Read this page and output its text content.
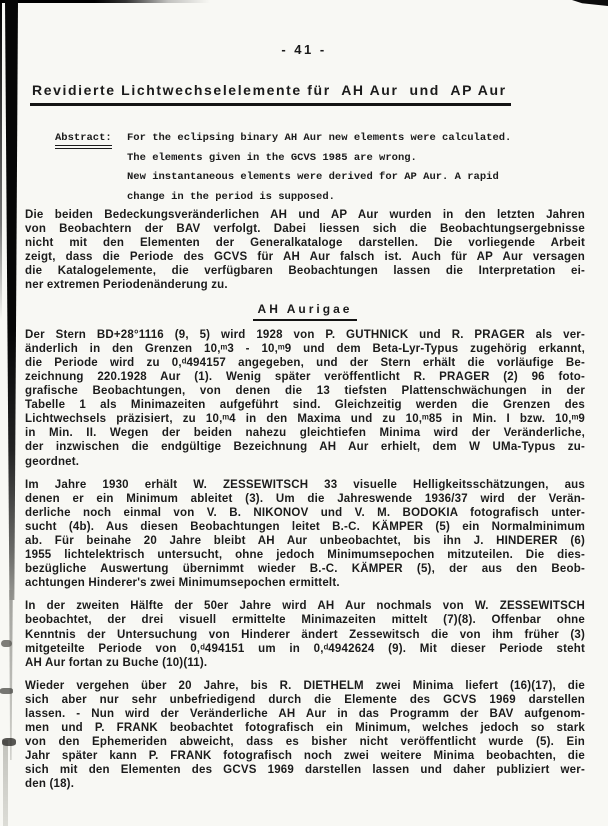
- 41 -
Revidierte Lichtwechselelemente für  AH Aur  und  AP Aur
Abstract:	For the eclipsing binary AH Aur new elements were calculated.
The elements given in the GCVS 1985 are wrong.
New instantaneous elements were derived for AP Aur. A rapid
change in the period is supposed.
Die beiden Bedeckungsveränderlichen AH und AP Aur wurden in den letzten Jahren
von Beobachtern der BAV verfolgt. Dabei liessen sich die Beobachtungsergebnisse
nicht mit den Elementen der Generalkataloge darstellen. Die vorliegende Arbeit
zeigt, dass die Periode des GCVS für AH Aur falsch ist. Auch für AP Aur versagen
die Katalogelemente, die verfügbaren Beobachtungen lassen die Interpretation ei-
ner extremen Periodenänderung zu.
AH Aurigae
Der Stern BD+28°1116 (9, 5) wird 1928 von P. GUTHNICK und R. PRAGER als ver-
änderlich in den Grenzen 10,ᵐ3 - 10,ᵐ9 und dem Beta-Lyr-Typus zugehörig erkannt,
die Periode wird zu 0,ᵈ494157 angegeben, und der Stern erhält die vorläufige Be-
zeichnung 220.1928 Aur (1). Wenig später veröffentlicht R. PRAGER (2) 96 foto-
grafische Beobachtungen, von denen die 13 tiefsten Plattenschwächungen in der
Tabelle 1 als Minimazeiten aufgeführt sind. Gleichzeitig werden die Grenzen des
Lichtwechsels präzisiert, zu 10,ᵐ4 in den Maxima und zu 10,ᵐ85 in Min. I bzw. 10,ᵐ9
in Min. II. Wegen der beiden nahezu gleichtiefen Minima wird der Veränderliche,
der inzwischen die endgültige Bezeichnung AH Aur erhielt, dem W UMa-Typus zu-
geordnet.
Im Jahre 1930 erhält W. ZESSEWITSCH 33 visuelle Helligkeitsschätzungen, aus
denen er ein Minimum ableitet (3). Um die Jahreswende 1936/37 wird der Verän-
derliche noch einmal von V. B. NIKONOV und V. M. BODOKIA fotografisch unter-
sucht (4b). Aus diesen Beobachtungen leitet B.-C. KÄMPER (5) ein Normalminimum
ab. Für beinahe 20 Jahre bleibt AH Aur unbeobachtet, bis ihn J. HINDERER (6)
1955 lichtelektrisch untersucht, ohne jedoch Minimumsepochen mitzuteilen. Die dies-
bezügliche Auswertung übernimmt wieder B.-C. KÄMPER (5), der aus den Beob-
achtungen Hinderer's zwei Minimumsepochen ermittelt.
In der zweiten Hälfte der 50er Jahre wird AH Aur nochmals von W. ZESSEWITSCH
beobachtet, der drei visuell ermittelte Minimazeiten mittelt (7)(8). Offenbar ohne
Kenntnis der Untersuchung von Hinderer ändert Zessewitsch die von ihm früher (3)
mitgeteilte Periode von 0,ᵈ494151 um in 0,ᵈ4942624 (9). Mit dieser Periode steht
AH Aur fortan zu Buche (10)(11).
Wieder vergehen über 20 Jahre, bis R. DIETHELM zwei Minima liefert (16)(17), die
sich aber nur sehr unbefriedigend durch die Elemente des GCVS 1969 darstellen
lassen. - Nun wird der Veränderliche AH Aur in das Programm der BAV aufgenom-
men und P. FRANK beobachtet fotografisch ein Minimum, welches jedoch so stark
von den Ephemeriden abweicht, dass es bisher nicht veröffentlicht wurde (5). Ein
Jahr später kann P. FRANK fotografisch noch zwei weitere Minima beobachten, die
sich mit den Elementen des GCVS 1969 darstellen lassen und daher publiziert wer-
den (18).
